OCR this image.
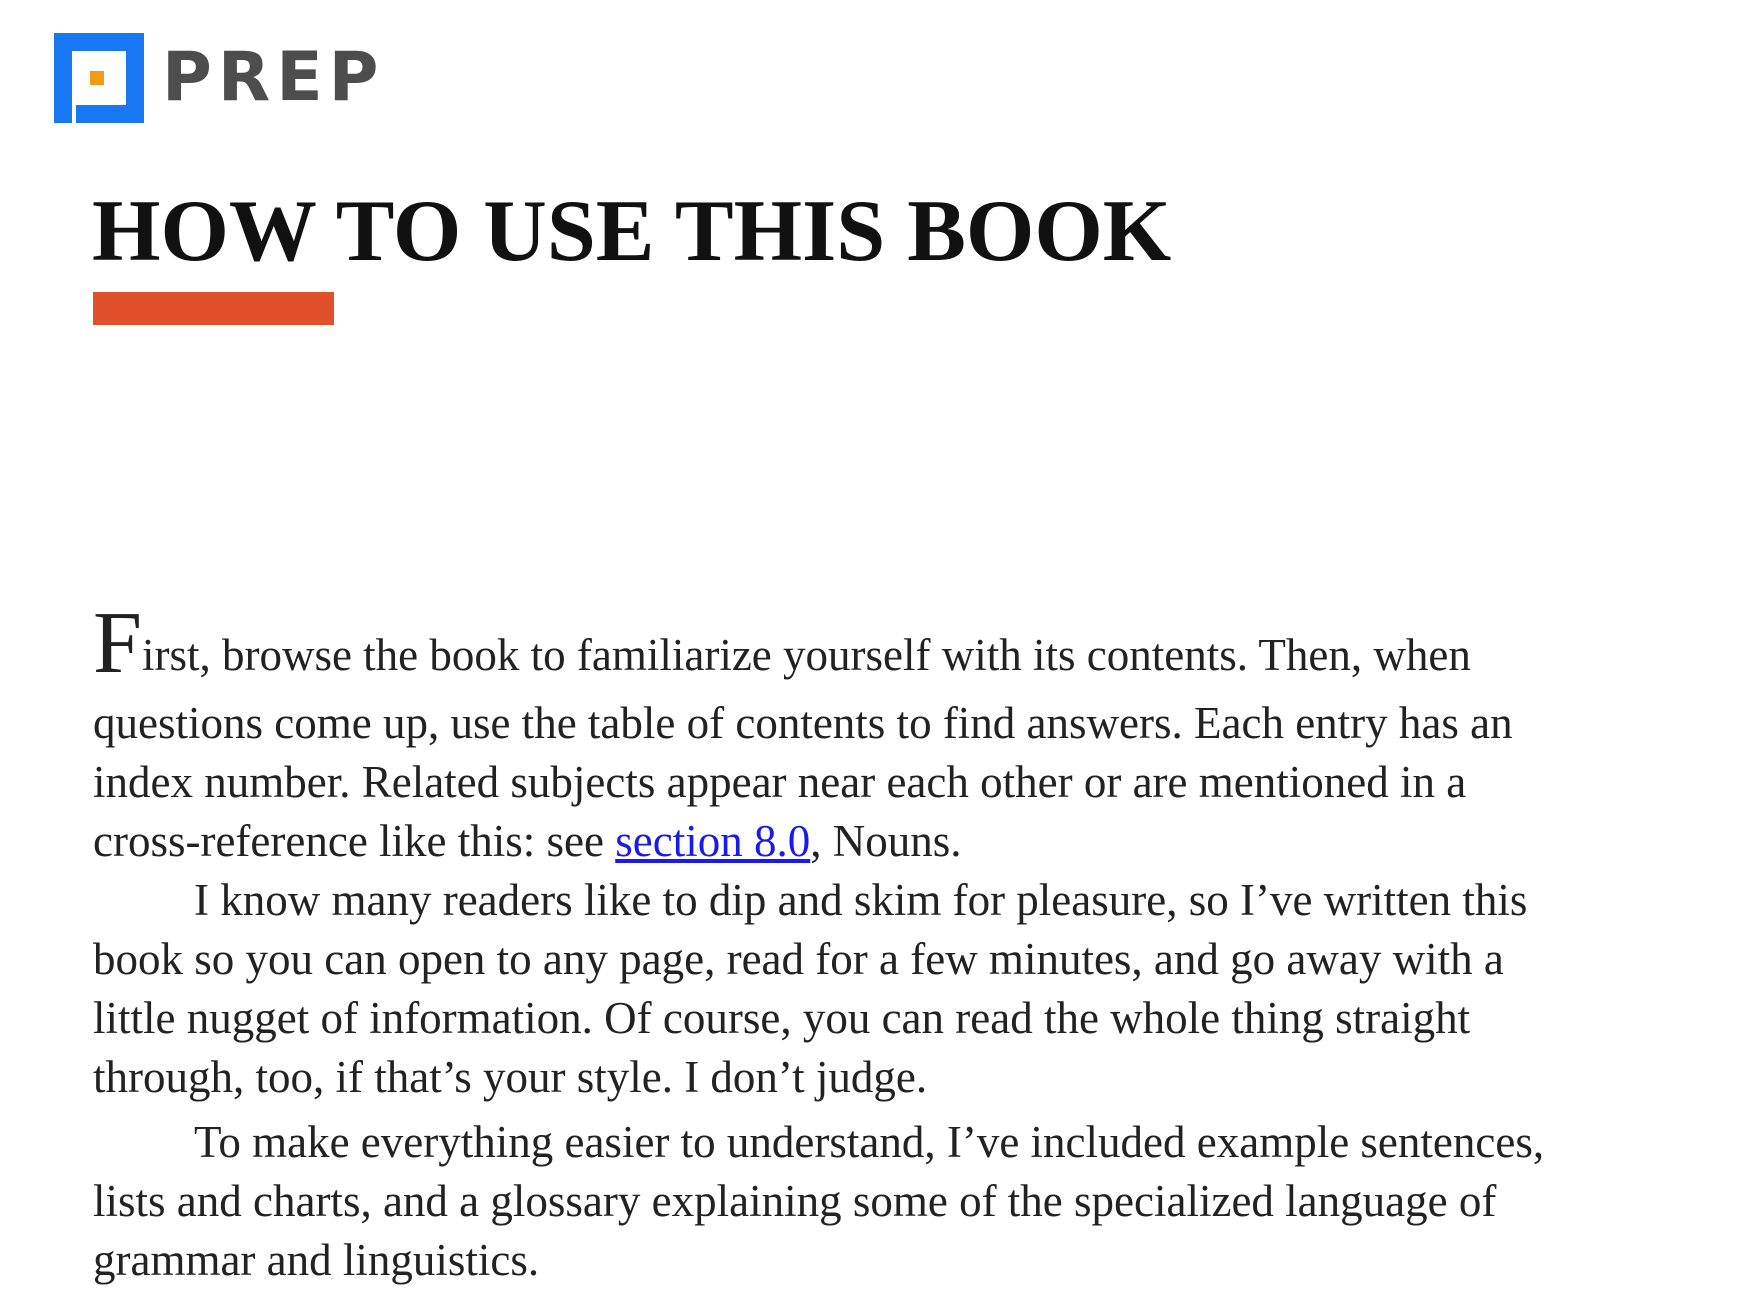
PREP
HOW TO USE THIS BOOK

First, browse the book to familiarize yourself with its contents. Then, when

questions come up, use the table of contents to find answers. Each entry has an

index number. Related subjects appear near each other or are mentioned in a

cross-reference like this: see section 8.0, Nouns.

I know many readers like to dip and skim for pleasure, so I’ve written this

book so you can open to any page, read for a few minutes, and go away with a

little nugget of information. Of course, you can read the whole thing straight

through, too, if that’s your style. I don’t judge.

To make everything easier to understand, I’ve included example sentences,

lists and charts, and a glossary explaining some of the specialized language of

grammar and linguistics.
